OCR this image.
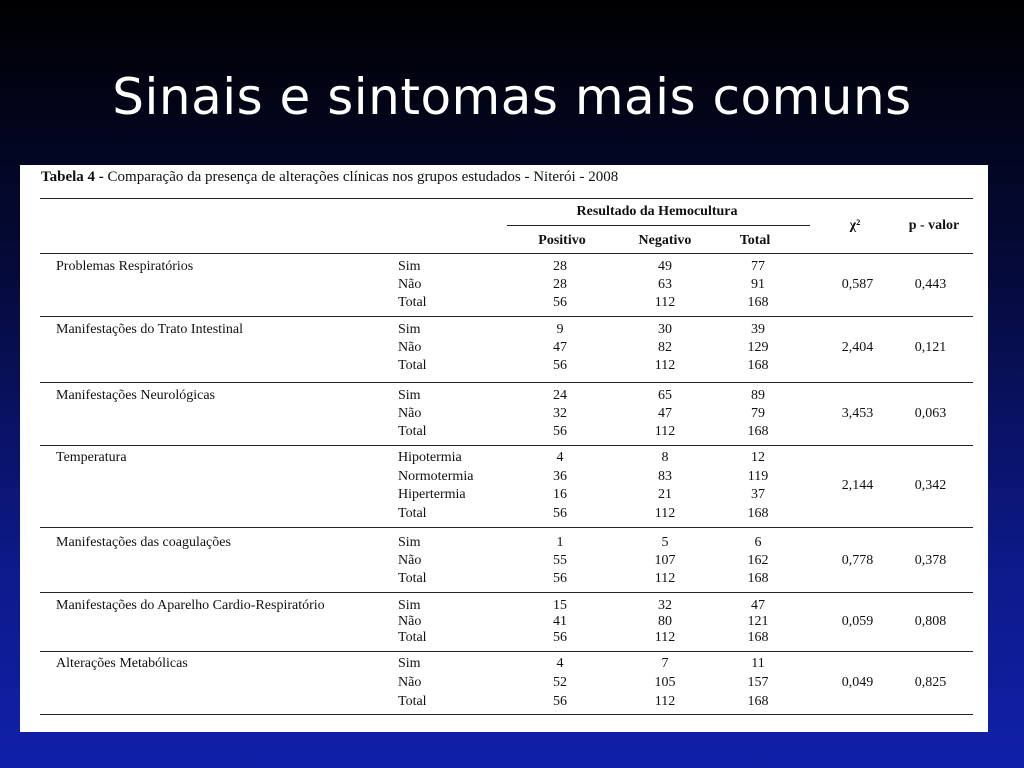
Sinais e sintomas mais comuns
Tabela 4 - Comparação da presença de alterações clínicas nos grupos estudados - Niterói - 2008
Resultado da Hemocultura
Positivo	Negativo	Total
χ²	p - valor
Problemas Respiratórios	Sim	28	49	77
Não	28	63	91
Total	56	112	168
0,587	0,443
Manifestações do Trato Intestinal	Sim	9	30	39
Não	47	82	129
Total	56	112	168
2,404	0,121
Manifestações Neurológicas	Sim	24	65	89
Não	32	47	79
Total	56	112	168
3,453	0,063
Temperatura	Hipotermia	4	8	12
Normotermia	36	83	119
Hipertermia	16	21	37
Total	56	112	168
2,144	0,342
Manifestações das coagulações	Sim	1	5	6
Não	55	107	162
Total	56	112	168
0,778	0,378
Manifestações do Aparelho Cardio-Respiratório	Sim	15	32	47
Não	41	80	121
Total	56	112	168
0,059	0,808
Alterações Metabólicas	Sim	4	7	11
Não	52	105	157
Total	56	112	168
0,049	0,825
